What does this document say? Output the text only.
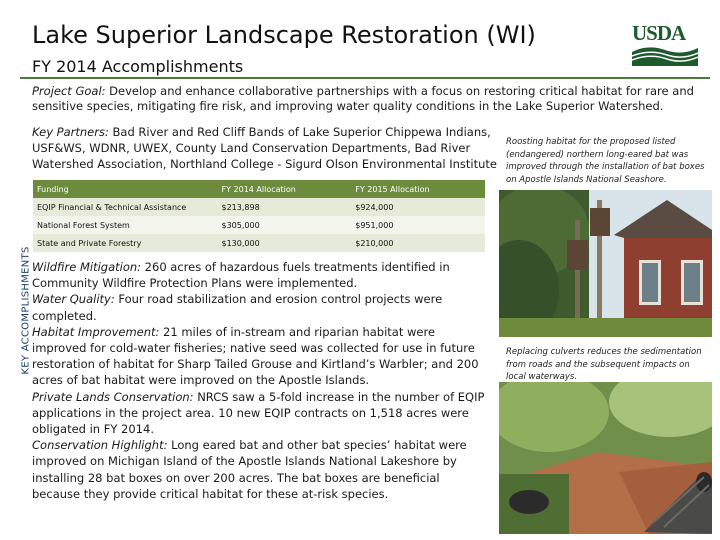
Lake Superior Landscape Restoration (WI)
FY 2014 Accomplishments
USDA
Project Goal: Develop and enhance collaborative partnerships with a focus on restoring critical habitat for rare and sensitive species, mitigating fire risk, and improving water quality conditions in the Lake Superior Watershed.
Key Partners: Bad River and Red Cliff Bands of Lake Superior Chippewa Indians, USF&WS, WDNR, UWEX, County Land Conservation Departments, Bad River Watershed Association, Northland College - Sigurd Olson Environmental Institute
KEY ACCOMPLISHMENTS
Funding	FY 2014 Allocation	FY 2015 Allocation
EQIP Financial & Technical Assistance	$213,898	$924,000
National Forest System	$305,000	$951,000
State and Private Forestry	$130,000	$210,000

Wildfire Mitigation: 260 acres of hazardous fuels treatments identified in Community Wildfire Protection Plans were implemented.

Water Quality: Four road stabilization and erosion control projects were completed.

Habitat Improvement: 21 miles of in-stream and riparian habitat were improved for cold-water fisheries; native seed was collected for use in future restoration of habitat for Sharp Tailed Grouse and Kirtland’s Warbler; and 200 acres of bat habitat were improved on the Apostle Islands.

Private Lands Conservation: NRCS saw a 5-fold increase in the number of EQIP applications in the project area. 10 new EQIP contracts on 1,518 acres were obligated in FY 2014.

Conservation Highlight: Long eared bat and other bat species’ habitat were improved on Michigan Island of the Apostle Islands National Lakeshore by installing 28 bat boxes on over 200 acres. The bat boxes are beneficial because they provide critical habitat for these at-risk species.

Roosting habitat for the proposed listed (endangered) northern long-eared bat was improved through the installation of bat boxes on Apostle Islands National Seashore.
Replacing culverts reduces the sedimentation from roads and the subsequent impacts on local waterways.
